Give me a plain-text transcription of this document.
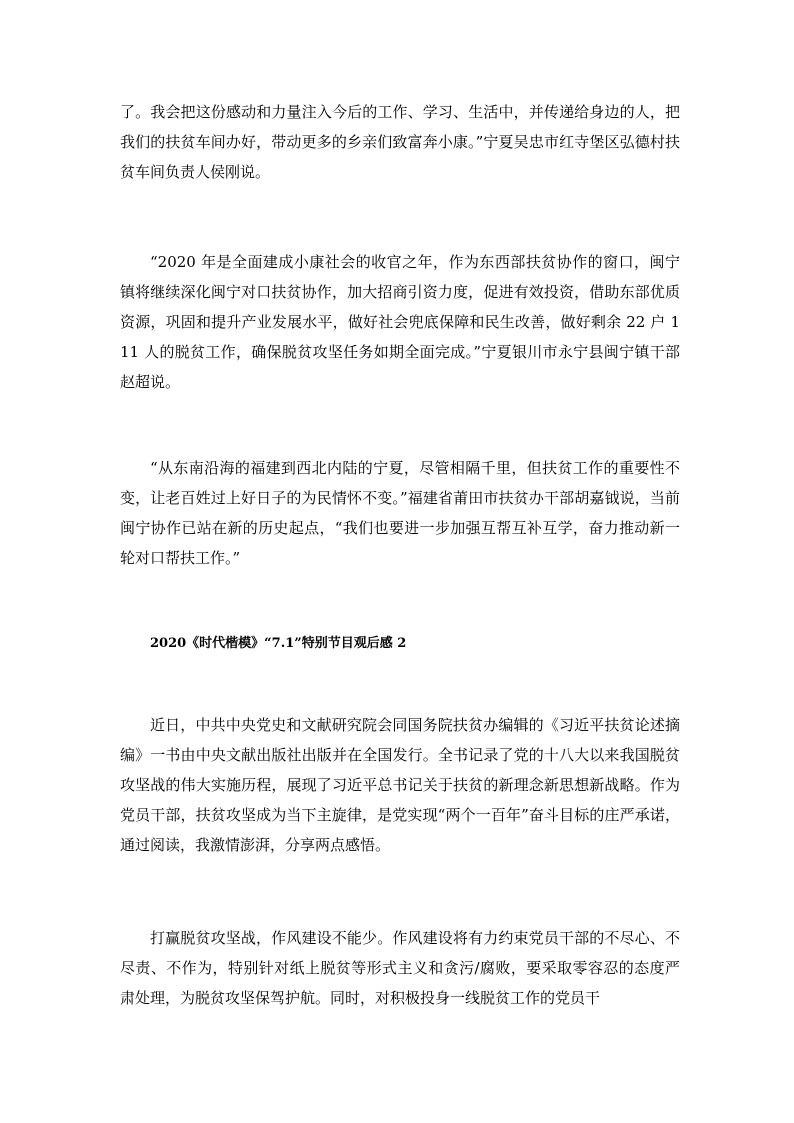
了。我会把这份感动和力量注入今后的工作、学习、生活中，并传递给身边的人，把我们的扶贫车间办好，带动更多的乡亲们致富奔小康。”宁夏吴忠市红寺堡区弘德村扶贫车间负责人侯刚说。

“2020 年是全面建成小康社会的收官之年，作为东西部扶贫协作的窗口，闽宁镇将继续深化闽宁对口扶贫协作，加大招商引资力度，促进有效投资，借助东部优质资源，巩固和提升产业发展水平，做好社会兜底保障和民生改善，做好剩余 22 户 111 人的脱贫工作，确保脱贫攻坚任务如期全面完成。”宁夏银川市永宁县闽宁镇干部赵超说。

“从东南沿海的福建到西北内陆的宁夏，尽管相隔千里，但扶贫工作的重要性不变，让老百姓过上好日子的为民情怀不变。”福建省莆田市扶贫办干部胡嘉钺说，当前闽宁协作已站在新的历史起点，“我们也要进一步加强互帮互补互学，奋力推动新一轮对口帮扶工作。”

2020《时代楷模》“7.1”特别节目观后感 2

近日，中共中央党史和文献研究院会同国务院扶贫办编辑的《习近平扶贫论述摘编》一书由中央文献出版社出版并在全国发行。全书记录了党的十八大以来我国脱贫攻坚战的伟大实施历程，展现了习近平总书记关于扶贫的新理念新思想新战略。作为党员干部，扶贫攻坚成为当下主旋律，是党实现“两个一百年”奋斗目标的庄严承诺，通过阅读，我激情澎湃，分享两点感悟。

打赢脱贫攻坚战，作风建设不能少。作风建设将有力约束党员干部的不尽心、不尽责、不作为，特别针对纸上脱贫等形式主义和贪污/腐败，要采取零容忍的态度严肃处理，为脱贫攻坚保驾护航。同时，对积极投身一线脱贫工作的党员干
